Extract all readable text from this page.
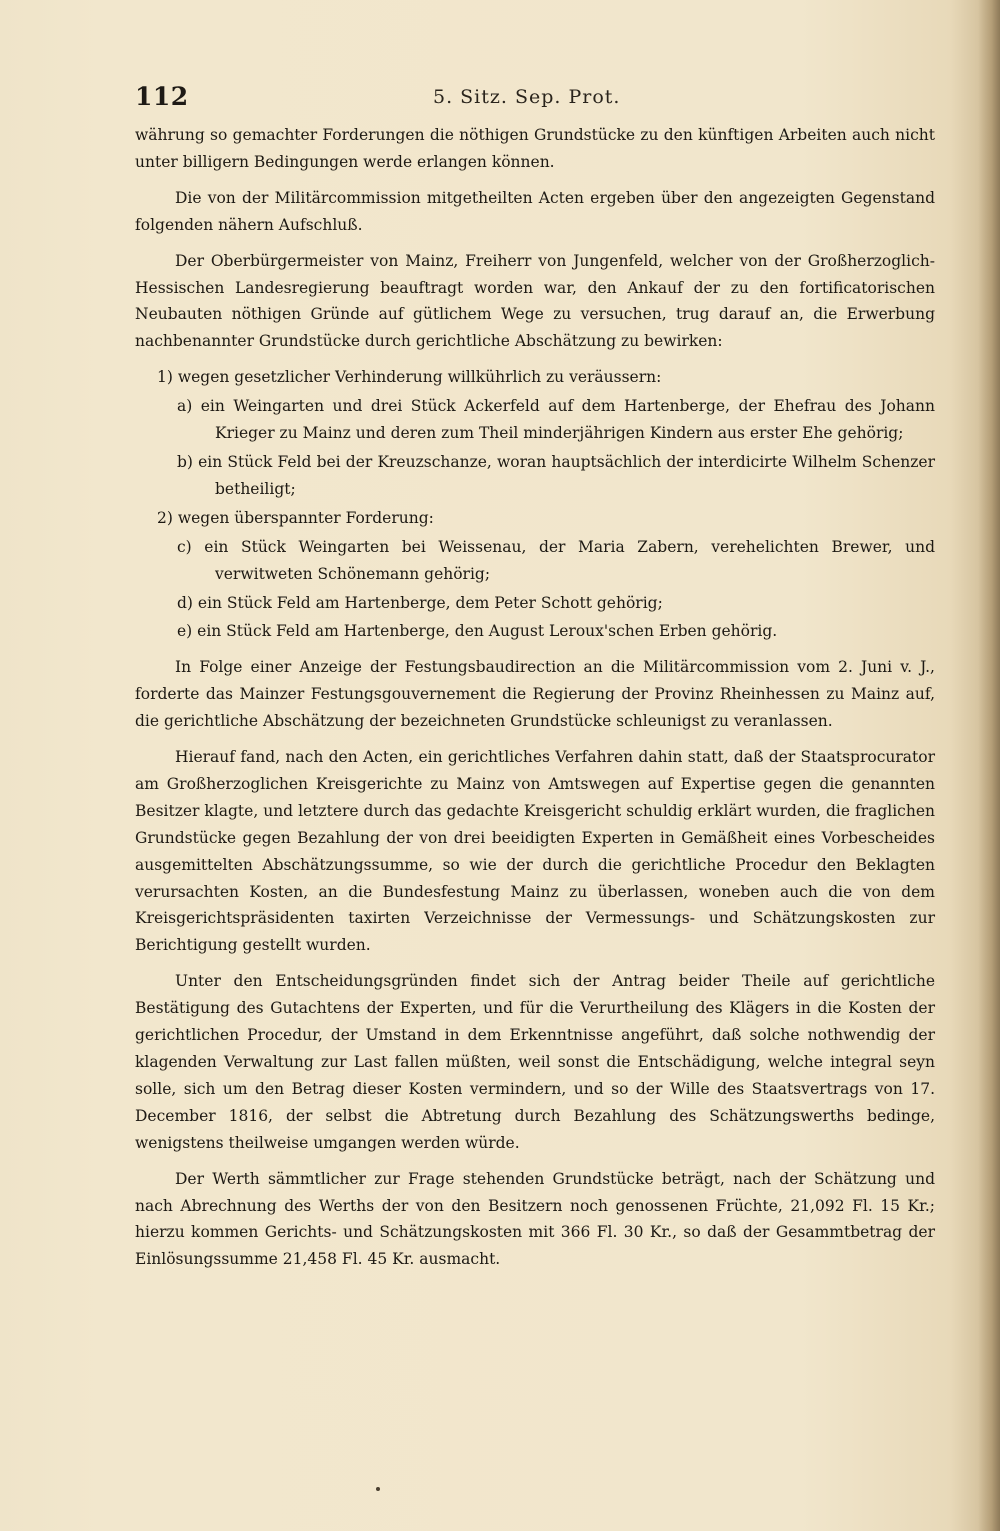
112	5. Sitz. Sep. Prot.

währung so gemachter Forderungen die nöthigen Grundstücke zu den künftigen Arbeiten auch nicht unter billigern Bedingungen werde erlangen können.

Die von der Militärcommission mitgetheilten Acten ergeben über den angezeigten Gegenstand folgenden nähern Aufschluß.

Der Oberbürgermeister von Mainz, Freiherr von Jungenfeld, welcher von der Großherzoglich-Hessischen Landesregierung beauftragt worden war, den Ankauf der zu den fortificatorischen Neubauten nöthigen Gründe auf gütlichem Wege zu versuchen, trug darauf an, die Erwerbung nachbenannter Grundstücke durch gerichtliche Abschätzung zu bewirken:

1) wegen gesetzlicher Verhinderung willkührlich zu veräussern:

a) ein Weingarten und drei Stück Ackerfeld auf dem Hartenberge, der Ehefrau des Johann Krieger zu Mainz und deren zum Theil minderjährigen Kindern aus erster Ehe gehörig;

b) ein Stück Feld bei der Kreuzschanze, woran hauptsächlich der interdicirte Wilhelm Schenzer betheiligt;

2) wegen überspannter Forderung:

c) ein Stück Weingarten bei Weissenau, der Maria Zabern, verehelichten Brewer, und verwitweten Schönemann gehörig;

d) ein Stück Feld am Hartenberge, dem Peter Schott gehörig;

e) ein Stück Feld am Hartenberge, den August Leroux'schen Erben gehörig.

In Folge einer Anzeige der Festungsbaudirection an die Militärcommission vom 2. Juni v. J., forderte das Mainzer Festungsgouvernement die Regierung der Provinz Rheinhessen zu Mainz auf, die gerichtliche Abschätzung der bezeichneten Grundstücke schleunigst zu veranlassen.

Hierauf fand, nach den Acten, ein gerichtliches Verfahren dahin statt, daß der Staatsprocurator am Großherzoglichen Kreisgerichte zu Mainz von Amtswegen auf Expertise gegen die genannten Besitzer klagte, und letztere durch das gedachte Kreisgericht schuldig erklärt wurden, die fraglichen Grundstücke gegen Bezahlung der von drei beeidigten Experten in Gemäßheit eines Vorbescheides ausgemittelten Abschätzungssumme, so wie der durch die gerichtliche Procedur den Beklagten verursachten Kosten, an die Bundesfestung Mainz zu überlassen, woneben auch die von dem Kreisgerichtspräsidenten taxirten Verzeichnisse der Vermessungs- und Schätzungskosten zur Berichtigung gestellt wurden.

Unter den Entscheidungsgründen findet sich der Antrag beider Theile auf gerichtliche Bestätigung des Gutachtens der Experten, und für die Verurtheilung des Klägers in die Kosten der gerichtlichen Procedur, der Umstand in dem Erkenntnisse angeführt, daß solche nothwendig der klagenden Verwaltung zur Last fallen müßten, weil sonst die Entschädigung, welche integral seyn solle, sich um den Betrag dieser Kosten vermindern, und so der Wille des Staatsvertrags von 17. December 1816, der selbst die Abtretung durch Bezahlung des Schätzungswerths bedinge, wenigstens theilweise umgangen werden würde.

Der Werth sämmtlicher zur Frage stehenden Grundstücke beträgt, nach der Schätzung und nach Abrechnung des Werths der von den Besitzern noch genossenen Früchte, 21,092 Fl. 15 Kr.; hierzu kommen Gerichts- und Schätzungskosten mit 366 Fl. 30 Kr., so daß der Gesammtbetrag der Einlösungssumme 21,458 Fl. 45 Kr. ausmacht.
